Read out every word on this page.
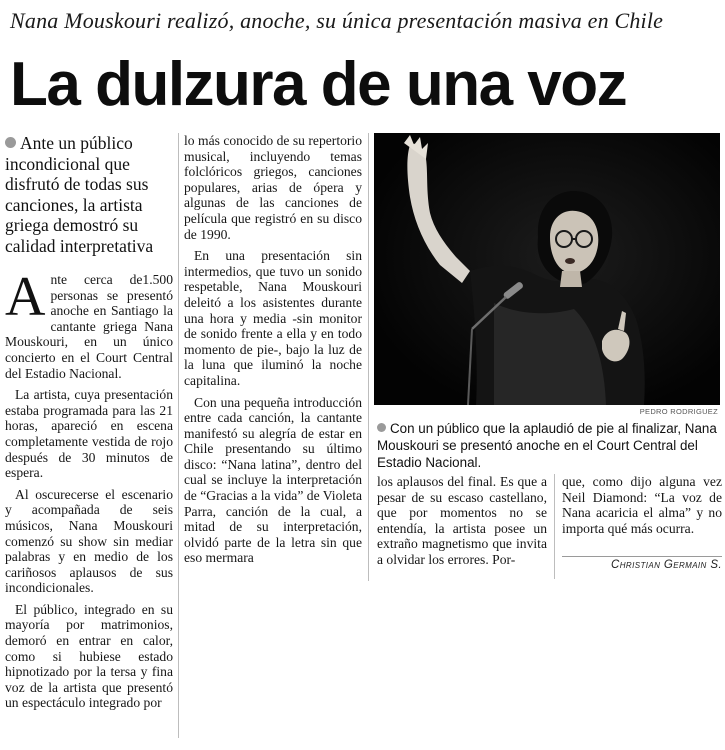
Nana Mouskouri realizó, anoche, su única presentación masiva en Chile
La dulzura de una voz
Ante un público incondicional que disfrutó de todas sus canciones, la artista griega demostró su calidad interpretativa

Ante cerca de1.500 personas se presentó anoche en Santiago la cantante griega Nana Mouskouri, en un único concierto en el Court Central del Estadio Nacional.

La artista, cuya presentación estaba programada para las 21 horas, apareció en escena completamente vestida de rojo después de 30 minutos de espera.

Al oscurecerse el escenario y acompañada de seis músicos, Nana Mouskouri comenzó su show sin mediar palabras y en medio de los cariñosos aplausos de sus incondicionales.

El público, integrado en su mayoría por matrimonios, demoró en entrar en calor, como si hubiese estado hipnotizado por la tersa y fina voz de la artista que presentó un espectáculo integrado por

lo más conocido de su repertorio musical, incluyendo temas folclóricos griegos, canciones populares, arias de ópera y algunas de las canciones de película que registró en su disco de 1990.

En una presentación sin intermedios, que tuvo un sonido respetable, Nana Mouskouri deleitó a los asistentes durante una hora y media -sin monitor de sonido frente a ella y en todo momento de pie-, bajo la luz de la luna que iluminó la noche capitalina.

Con una pequeña introducción entre cada canción, la cantante manifestó su alegría de estar en Chile presentando su último disco: “Nana latina”, dentro del cual se incluye la interpretación de “Gracias a la vida” de Violeta Parra, canción de la cual, a mitad de su interpretación, olvidó parte de la letra sin que eso mermara

PEDRO RODRIGUEZ
Con un público que la aplaudió de pie al finalizar, Nana Mouskouri se presentó anoche en el Court Central del Estadio Nacional.

los aplausos del final. Es que a pesar de su escaso castellano, que por momentos no se entendía, la artista posee un extraño magnetismo que invita a olvidar los errores. Por-

que, como dijo alguna vez Neil Diamond: “La voz de Nana acaricia el alma” y no importa qué más ocurra.

Christian Germain S.
